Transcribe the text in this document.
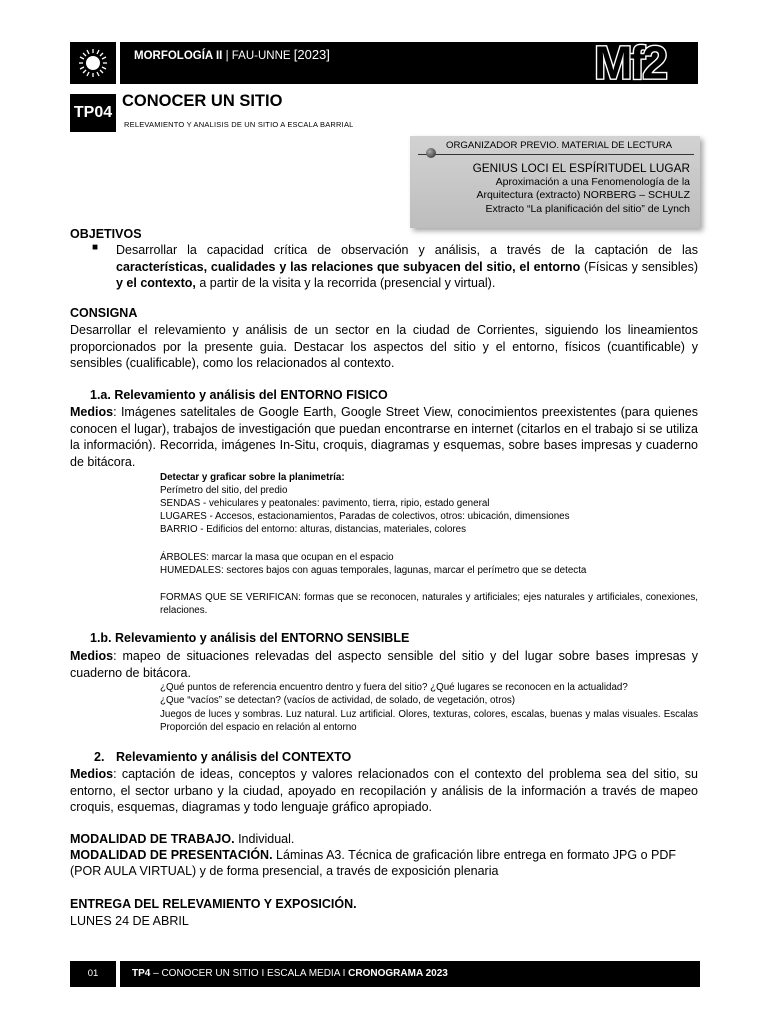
Mf2
MORFOLOGÍA II | FAU-UNNE [2023]
TP04
CONOCER UN SITIO
RELEVAMIENTO Y ANALISIS DE UN SITIO A ESCALA BARRIAL
ORGANIZADOR PREVIO. MATERIAL DE LECTURA
GENIUS LOCI EL ESPÍRITUDEL LUGAR
Aproximación a una Fenomenología de la
Arquitectura (extracto) NORBERG – SCHULZ
Extracto “La planificación del sitio” de Lynch
OBJETIVOS
■ Desarrollar la capacidad crítica de observación y análisis, a través de la captación de las características, cualidades y las relaciones que subyacen del sitio, el entorno (Físicas y sensibles) y el contexto, a partir de la visita y la recorrida (presencial y virtual).
CONSIGNA
Desarrollar el relevamiento y análisis de un sector en la ciudad de Corrientes, siguiendo los lineamientos proporcionados por la presente guia. Destacar los aspectos del sitio y el entorno, físicos (cuantificable) y sensibles (cualificable), como los relacionados al contexto.
1.a. Relevamiento y análisis del ENTORNO FISICO
Medios: Imágenes satelitales de Google Earth, Google Street View, conocimientos preexistentes (para quienes conocen el lugar), trabajos de investigación que puedan encontrarse en internet (citarlos en el trabajo si se utiliza la información). Recorrida, imágenes In-Situ, croquis, diagramas y esquemas, sobre bases impresas y cuaderno de bitácora.
Detectar y graficar sobre la planimetría:
Perímetro del sitio, del predio
SENDAS - vehiculares y peatonales: pavimento, tierra, ripio, estado general
LUGARES - Accesos, estacionamientos, Paradas de colectivos, otros: ubicación, dimensiones
BARRIO - Edificios del entorno: alturas, distancias, materiales, colores
ÁRBOLES: marcar la masa que ocupan en el espacio
HUMEDALES: sectores bajos con aguas temporales, lagunas, marcar el perímetro que se detecta
FORMAS QUE SE VERIFICAN: formas que se reconocen, naturales y artificiales; ejes naturales y artificiales, conexiones, relaciones.
1.b. Relevamiento y análisis del ENTORNO SENSIBLE
Medios: mapeo de situaciones relevadas del aspecto sensible del sitio y del lugar sobre bases impresas y cuaderno de bitácora.
¿Qué puntos de referencia encuentro dentro y fuera del sitio? ¿Qué lugares se reconocen en la actualidad?
¿Que “vacíos” se detectan? (vacíos de actividad, de solado, de vegetación, otros)
Juegos de luces y sombras. Luz natural. Luz artificial. Olores, texturas, colores, escalas, buenas y malas visuales. Escalas Proporción del espacio en relación al entorno
2. Relevamiento y análisis del CONTEXTO
Medios: captación de ideas, conceptos y valores relacionados con el contexto del problema sea del sitio, su entorno, el sector urbano y la ciudad, apoyado en recopilación y análisis de la información a través de mapeo croquis, esquemas, diagramas y todo lenguaje gráfico apropiado.
MODALIDAD DE TRABAJO. Individual.
MODALIDAD DE PRESENTACIÓN. Láminas A3. Técnica de graficación libre entrega en formato JPG o PDF
(POR AULA VIRTUAL) y de forma presencial, a través de exposición plenaria
ENTREGA DEL RELEVAMIENTO Y EXPOSICIÓN.
LUNES 24 DE ABRIL
01	TP4 – CONOCER UN SITIO I ESCALA MEDIA I CRONOGRAMA 2023
